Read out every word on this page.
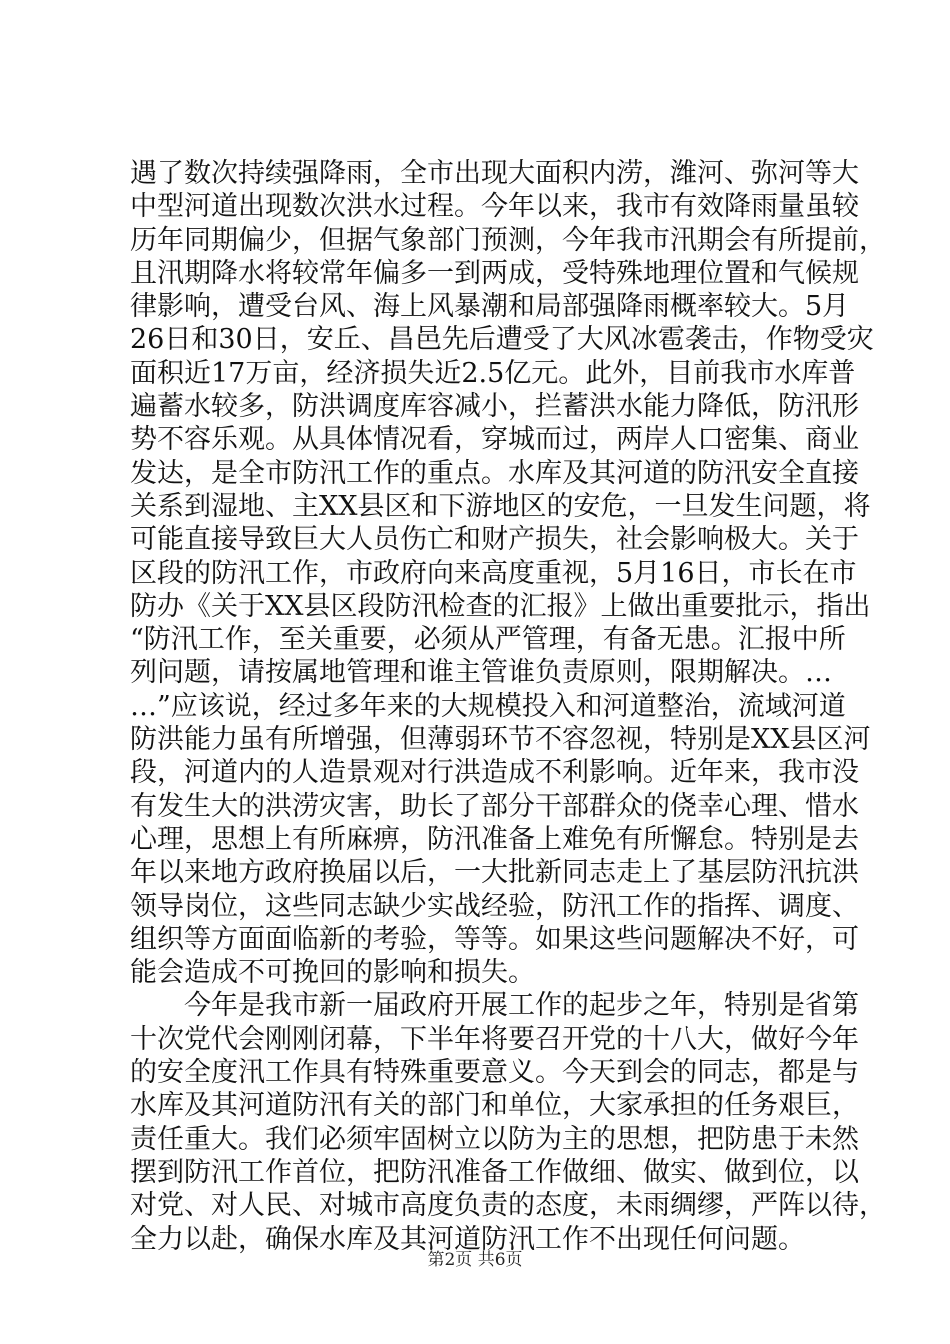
遇了数次持续强降雨，全市出现大面积内涝，潍河、弥河等大
中型河道出现数次洪水过程。今年以来，我市有效降雨量虽较
历年同期偏少，但据气象部门预测，今年我市汛期会有所提前，
且汛期降水将较常年偏多一到两成，受特殊地理位置和气候规
律影响，遭受台风、海上风暴潮和局部强降雨概率较大。5月
26日和30日，安丘、昌邑先后遭受了大风冰雹袭击，作物受灾
面积近17万亩，经济损失近2.5亿元。此外，目前我市水库普
遍蓄水较多，防洪调度库容减小，拦蓄洪水能力降低，防汛形
势不容乐观。从具体情况看，穿城而过，两岸人口密集、商业
发达，是全市防汛工作的重点。水库及其河道的防汛安全直接
关系到湿地、主XX县区和下游地区的安危，一旦发生问题，将
可能直接导致巨大人员伤亡和财产损失，社会影响极大。关于
区段的防汛工作，市政府向来高度重视，5月16日，市长在市
防办《关于XX县区段防汛检查的汇报》上做出重要批示，指出
“防汛工作，至关重要，必须从严管理，有备无患。汇报中所
列问题，请按属地管理和谁主管谁负责原则，限期解决。…
…”应该说，经过多年来的大规模投入和河道整治，流域河道
防洪能力虽有所增强，但薄弱环节不容忽视，特别是XX县区河
段，河道内的人造景观对行洪造成不利影响。近年来，我市没
有发生大的洪涝灾害，助长了部分干部群众的侥幸心理、惜水
心理，思想上有所麻痹，防汛准备上难免有所懈怠。特别是去
年以来地方政府换届以后，一大批新同志走上了基层防汛抗洪
领导岗位，这些同志缺少实战经验，防汛工作的指挥、调度、
组织等方面面临新的考验，等等。如果这些问题解决不好，可
能会造成不可挽回的影响和损失。
今年是我市新一届政府开展工作的起步之年，特别是省第
十次党代会刚刚闭幕，下半年将要召开党的十八大，做好今年
的安全度汛工作具有特殊重要意义。今天到会的同志，都是与
水库及其河道防汛有关的部门和单位，大家承担的任务艰巨，
责任重大。我们必须牢固树立以防为主的思想，把防患于未然
摆到防汛工作首位，把防汛准备工作做细、做实、做到位，以
对党、对人民、对城市高度负责的态度，未雨绸缪，严阵以待，
全力以赴，确保水库及其河道防汛工作不出现任何问题。
第2页 共6页
